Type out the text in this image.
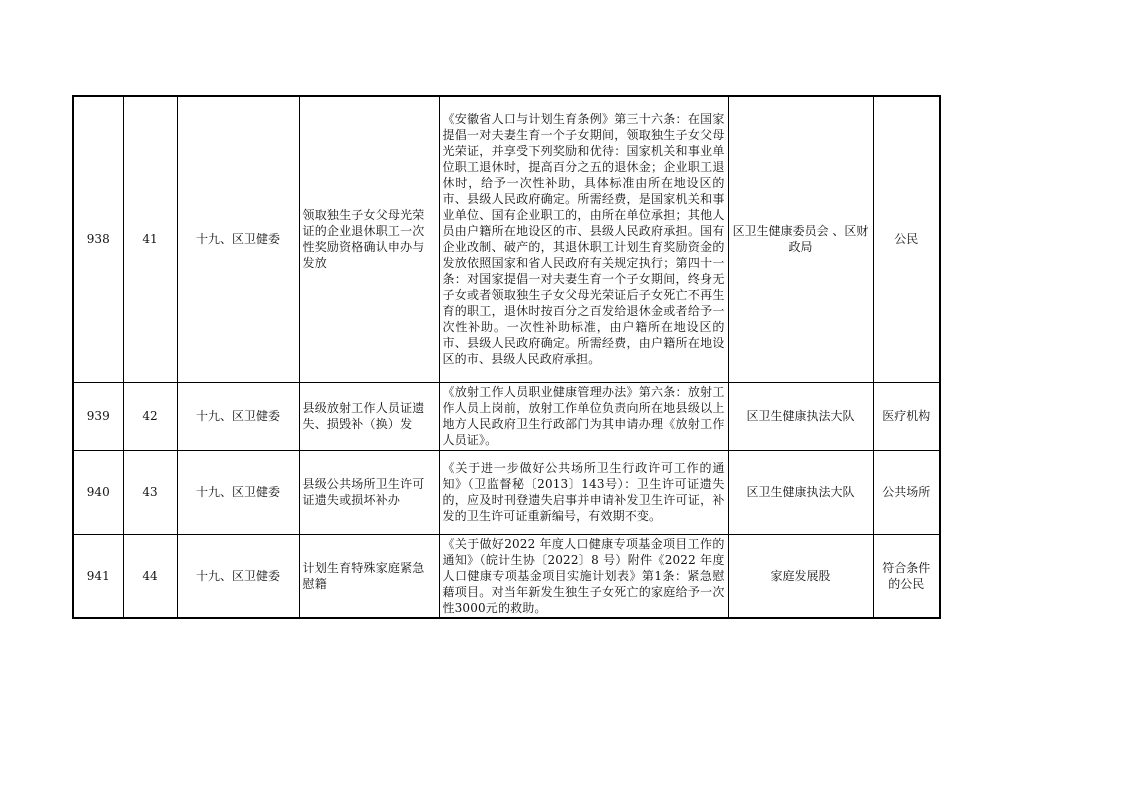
938	41	十九、区卫健委	领取独生子女父母光荣证的企业退休职工一次性奖励资格确认申办与发放	《安徽省人口与计划生育条例》第三十六条：在国家提倡一对夫妻生育一个子女期间，领取独生子女父母光荣证，并享受下列奖励和优待：国家机关和事业单位职工退休时，提高百分之五的退休金；企业职工退休时，给予一次性补助，具体标准由所在地设区的市、县级人民政府确定。所需经费，是国家机关和事业单位、国有企业职工的，由所在单位承担；其他人员由户籍所在地设区的市、县级人民政府承担。国有企业改制、破产的，其退休职工计划生育奖励资金的发放依照国家和省人民政府有关规定执行；第四十一条：对国家提倡一对夫妻生育一个子女期间，终身无子女或者领取独生子女父母光荣证后子女死亡不再生育的职工，退休时按百分之百发给退休金或者给予一次性补助。一次性补助标准，由户籍所在地设区的市、县级人民政府确定。所需经费，由户籍所在地设区的市、县级人民政府承担。	区卫生健康委员会 、区财政局	公民
939	42	十九、区卫健委	县级放射工作人员证遗失、损毁补（换）发	《放射工作人员职业健康管理办法》第六条：放射工作人员上岗前，放射工作单位负责向所在地县级以上地方人民政府卫生行政部门为其申请办理《放射工作人员证》。	区卫生健康执法大队	医疗机构
940	43	十九、区卫健委	县级公共场所卫生许可证遗失或损坏补办	《关于进一步做好公共场所卫生行政许可工作的通知》（卫监督秘〔2013〕143号）：卫生许可证遗失的，应及时刊登遗失启事并申请补发卫生许可证，补发的卫生许可证重新编号，有效期不变。	区卫生健康执法大队	公共场所
941	44	十九、区卫健委	计划生育特殊家庭紧急慰籍	《关于做好2022 年度人口健康专项基金项目工作的通知》（皖计生协〔2022〕8 号）附件《2022 年度人口健康专项基金项目实施计划表》第1条：紧急慰藉项目。对当年新发生独生子女死亡的家庭给予一次性3000元的救助。	家庭发展股	符合条件的公民
